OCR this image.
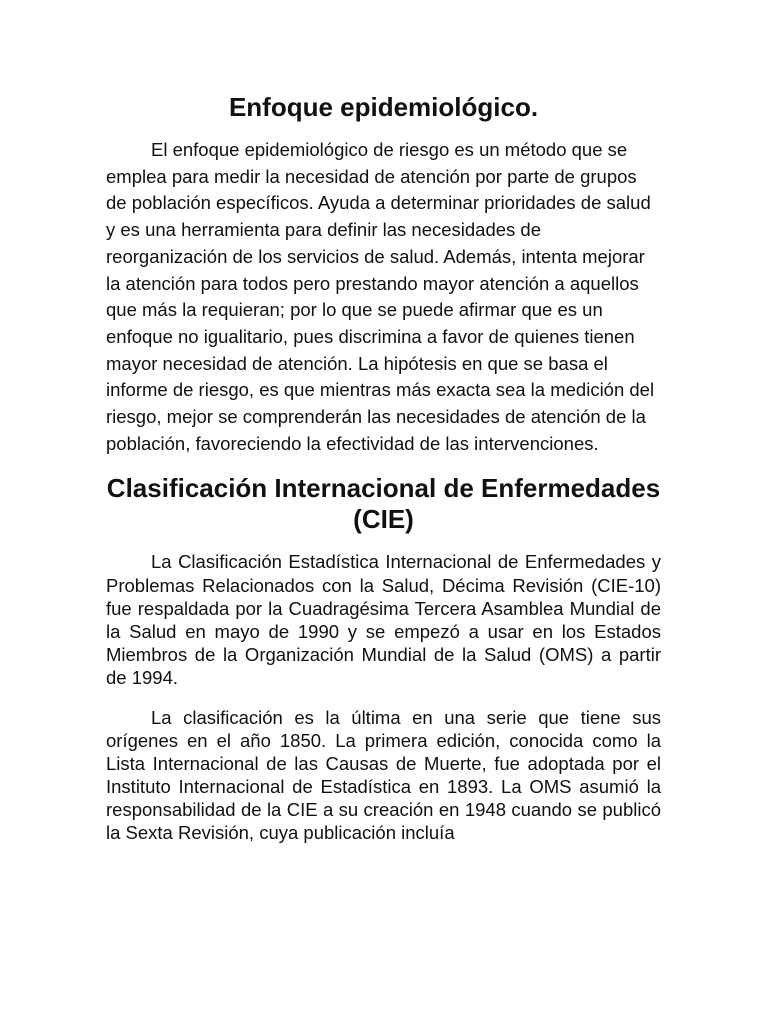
Enfoque epidemiológico.

El enfoque epidemiológico de riesgo es un método que se emplea para medir la necesidad de atención por parte de grupos de población específicos. Ayuda a determinar prioridades de salud y es una herramienta para definir las necesidades de reorganización de los servicios de salud. Además, intenta mejorar la atención para todos pero prestando mayor atención a aquellos que más la requieran; por lo que se puede afirmar que es un enfoque no igualitario, pues discrimina a favor de quienes tienen mayor necesidad de atención. La hipótesis en que se basa el informe de riesgo, es que mientras más exacta sea la medición del riesgo, mejor se comprenderán las necesidades de atención de la población, favoreciendo la efectividad de las intervenciones.

Clasificación Internacional de Enfermedades (CIE)

La Clasificación Estadística Internacional de Enfermedades y Problemas Relacionados con la Salud, Décima Revisión (CIE-10) fue respaldada por la Cuadragésima Tercera Asamblea Mundial de la Salud en mayo de 1990 y se empezó a usar en los Estados Miembros de la Organización Mundial de la Salud (OMS) a partir de 1994.

La clasificación es la última en una serie que tiene sus orígenes en el año 1850. La primera edición, conocida como la Lista Internacional de las Causas de Muerte, fue adoptada por el Instituto Internacional de Estadística en 1893. La OMS asumió la responsabilidad de la CIE a su creación en 1948 cuando se publicó la Sexta Revisión, cuya publicación incluía
